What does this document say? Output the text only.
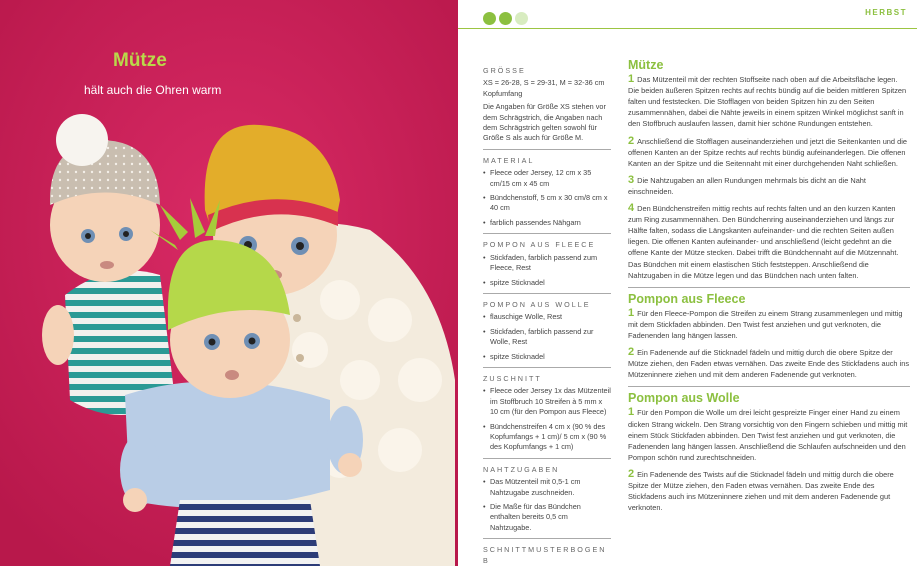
Mütze
hält auch die Ohren warm
HERBST
GRÖSSE

XS = 26-28, S = 29-31, M = 32-36 cm
Kopfumfang

Die Angaben für Größe XS stehen vor dem Schrägstrich, die Angaben nach dem Schrägstrich gelten sowohl für Größe S als auch für Größe M.

MATERIAL
• Fleece oder Jersey, 12 cm x 35 cm/15 cm x 45 cm
• Bündchenstoff, 5 cm x 30 cm/8 cm x 40 cm
• farblich passendes Nähgarn
POMPON AUS FLEECE
• Stickfaden, farblich passend zum Fleece, Rest
• spitze Sticknadel
POMPON AUS WOLLE
• flauschige Wolle, Rest
• Stickfaden, farblich passend zur Wolle, Rest
• spitze Sticknadel
ZUSCHNITT
• Fleece oder Jersey 1x das Mützenteil im Stoffbruch 10 Streifen à 5 mm x 10 cm (für den Pompon aus Fleece)
• Bündchenstreifen 4 cm x (90 % des Kopfumfangs + 1 cm)/ 5 cm x (90 % des Kopfumfangs + 1 cm)
NAHTZUGABEN
• Das Mützenteil mit 0,5-1 cm Nahtzugabe zuschneiden.
• Die Maße für das Bündchen enthalten bereits 0,5 cm Nahtzugabe.
SCHNITTMUSTERBOGEN B
Mütze
1 Das Mützenteil mit der rechten Stoffseite nach oben auf die Arbeitsfläche legen. Die beiden äußeren Spitzen rechts auf rechts bündig auf die beiden mittleren Spitzen falten und feststecken. Die Stofflagen von beiden Spitzen hin zu den Seiten zusammennähen, dabei die Nähte jeweils in einem spitzen Winkel möglichst sanft in den Stoffbruch auslaufen lassen, damit hier schöne Rundungen entstehen.
2 Anschließend die Stofflagen auseinanderziehen und jetzt die Seitenkanten und die offenen Kanten an der Spitze rechts auf rechts bündig aufeinanderlegen. Die offenen Kanten an der Spitze und die Seitennaht mit einer durchgehenden Naht schließen.
3 Die Nahtzugaben an allen Rundungen mehrmals bis dicht an die Naht einschneiden.
4 Den Bündchenstreifen mittig rechts auf rechts falten und an den kurzen Kanten zum Ring zusammennähen. Den Bündchenring auseinanderziehen und längs zur Hälfte falten, sodass die Längskanten aufeinander- und die rechten Seiten außen liegen. Die offenen Kanten aufeinander- und anschließend (leicht gedehnt an die offene Kante der Mütze stecken. Dabei trifft die Bündchennaht auf die Mützennaht. Das Bündchen mit einem elastischen Stich feststeppen. Anschließend die Nahtzugaben in die Mütze legen und das Bündchen nach unten falten.
Pompon aus Fleece
1 Für den Fleece-Pompon die Streifen zu einem Strang zusammenlegen und mittig mit dem Stickfaden abbinden. Den Twist fest anziehen und gut verknoten, die Fadenenden lang hängen lassen.
2 Ein Fadenende auf die Sticknadel fädeln und mittig durch die obere Spitze der Mütze ziehen, den Faden etwas vernähen. Das zweite Ende des Stickfadens auch ins Mützeninnere ziehen und mit dem anderen Fadenende gut verknoten.
Pompon aus Wolle
1 Für den Pompon die Wolle um drei leicht gespreizte Finger einer Hand zu einem dicken Strang wickeln. Den Strang vorsichtig von den Fingern schieben und mittig mit einem Stück Stickfaden abbinden. Den Twist fest anziehen und gut verknoten, die Fadenenden lang hängen lassen. Anschließend die Schlaufen aufschneiden und den Pompon schön rund zurechtschneiden.
2 Ein Fadenende des Twists auf die Sticknadel fädeln und mittig durch die obere Spitze der Mütze ziehen, den Faden etwas vernähen. Das zweite Ende des Stickfadens auch ins Mützeninnere ziehen und mit dem anderen Fadenende gut verknoten.
